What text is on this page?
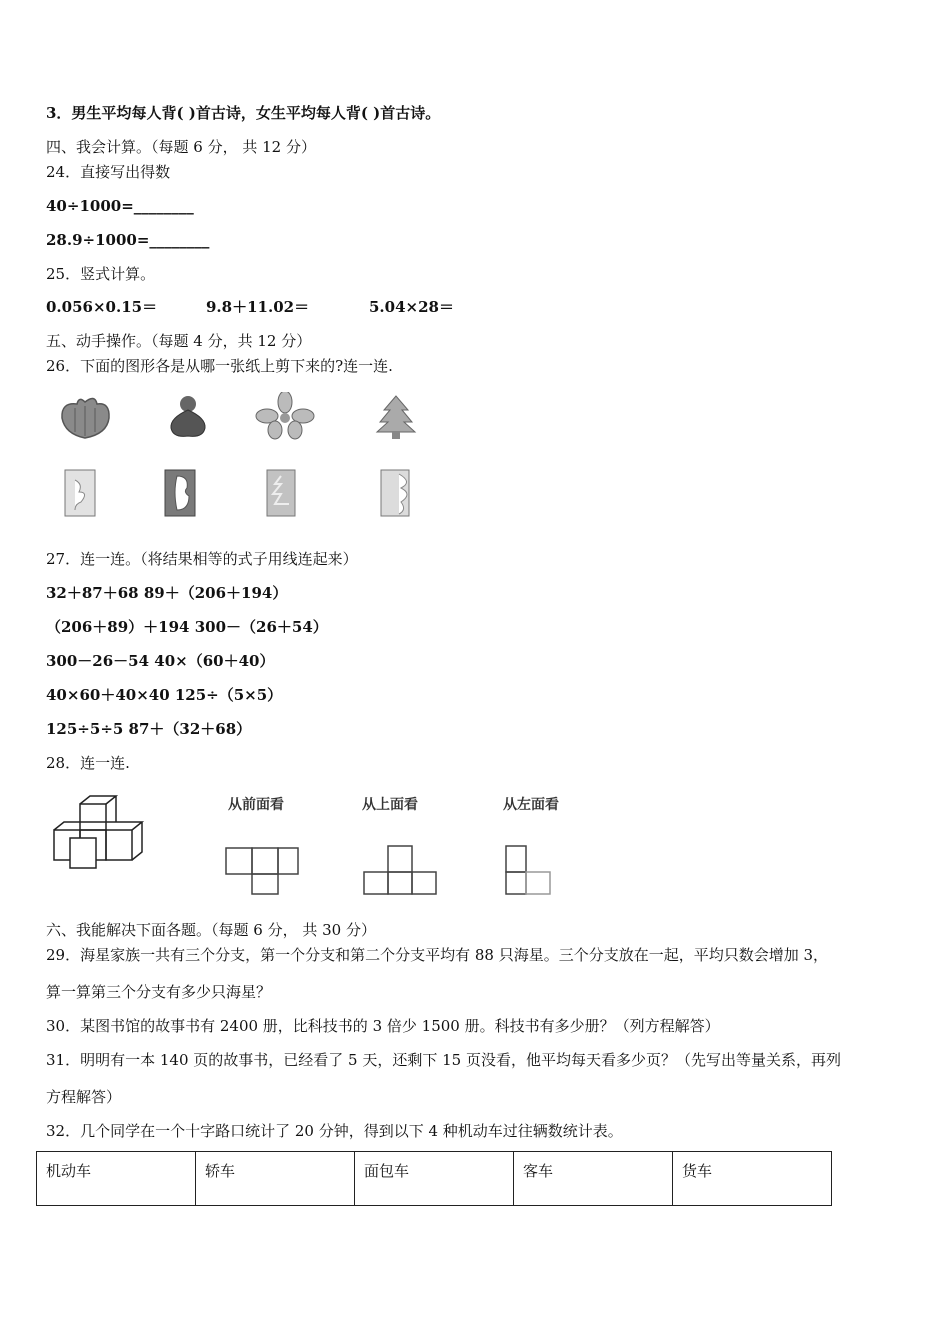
3．男生平均每人背( )首古诗，女生平均每人背( )首古诗。
四、我会计算。（每题 6 分， 共 12 分）
24．直接写出得数
40÷1000=________
28.9÷1000=________
25．竖式计算。
0.056×0.15＝	9.8＋11.02＝	5.04×28＝
五、动手操作。（每题 4 分，共 12 分）
26．下面的图形各是从哪一张纸上剪下来的?连一连.
27．连一连。（将结果相等的式子用线连起来）
32＋87＋68 89＋（206＋194）
（206＋89）＋194 300－（26＋54）
300－26－54 40×（60＋40）
40×60＋40×40 125÷（5×5）
125÷5÷5 87＋（32＋68）
28．连一连.
从前面看	从上面看	从左面看
六、我能解决下面各题。（每题 6 分， 共 30 分）
29．海星家族一共有三个分支，第一个分支和第二个分支平均有 88 只海星。三个分支放在一起，平均只数会增加 3，
算一算第三个分支有多少只海星？
30．某图书馆的故事书有 2400 册，比科技书的 3 倍少 1500 册。科技书有多少册？（列方程解答）
31．明明有一本 140 页的故事书，已经看了 5 天，还剩下 15 页没看，他平均每天看多少页？（先写出等量关系，再列
方程解答）
32．几个同学在一个十字路口统计了 20 分钟，得到以下 4 种机动车过往辆数统计表。
机动车	轿车	面包车	客车	货车
